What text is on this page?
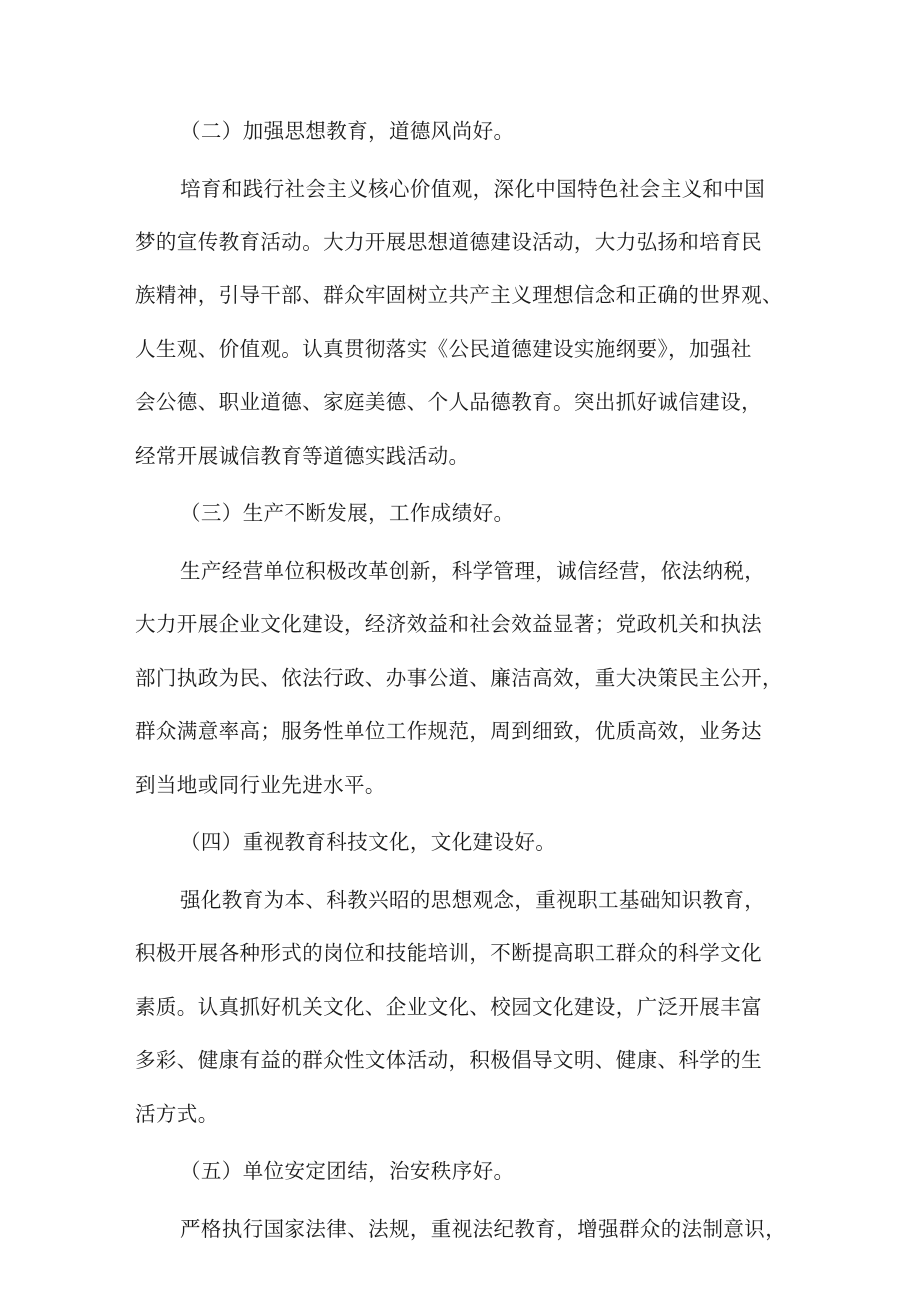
（二）加强思想教育，道德风尚好。

培育和践行社会主义核心价值观，深化中国特色社会主义和中国

梦的宣传教育活动。大力开展思想道德建设活动，大力弘扬和培育民

族精神，引导干部、群众牢固树立共产主义理想信念和正确的世界观、

人生观、价值观。认真贯彻落实《公民道德建设实施纲要》，加强社

会公德、职业道德、家庭美德、个人品德教育。突出抓好诚信建设，

经常开展诚信教育等道德实践活动。

（三）生产不断发展，工作成绩好。

生产经营单位积极改革创新，科学管理，诚信经营，依法纳税，

大力开展企业文化建设，经济效益和社会效益显著；党政机关和执法

部门执政为民、依法行政、办事公道、廉洁高效，重大决策民主公开，

群众满意率高；服务性单位工作规范，周到细致，优质高效，业务达

到当地或同行业先进水平。

（四）重视教育科技文化，文化建设好。

强化教育为本、科教兴昭的思想观念，重视职工基础知识教育，

积极开展各种形式的岗位和技能培训，不断提高职工群众的科学文化

素质。认真抓好机关文化、企业文化、校园文化建设，广泛开展丰富

多彩、健康有益的群众性文体活动，积极倡导文明、健康、科学的生

活方式。

（五）单位安定团结，治安秩序好。

严格执行国家法律、法规，重视法纪教育，增强群众的法制意识，
